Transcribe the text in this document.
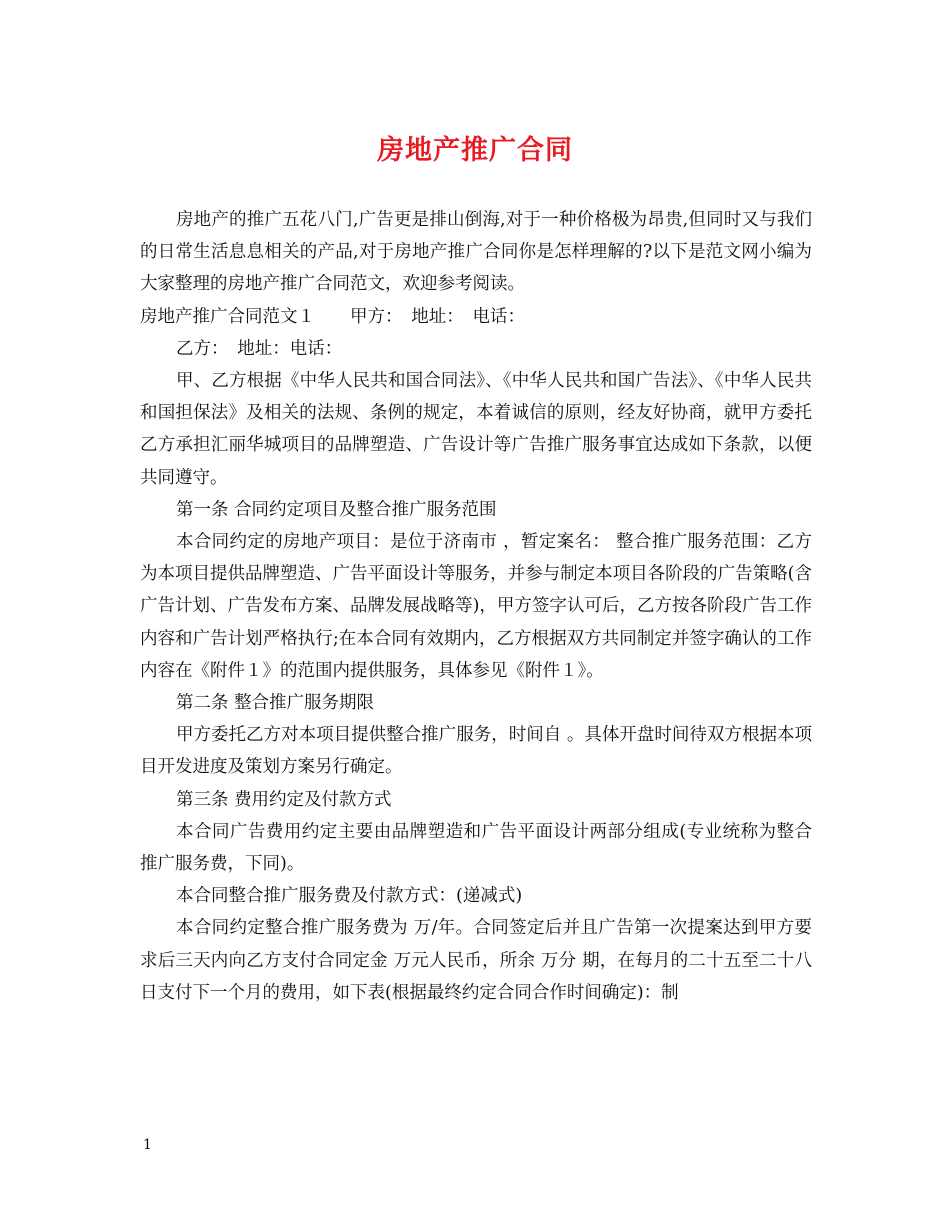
房地产推广合同

房地产的推广五花八门,广告更是排山倒海,对于一种价格极为昂贵,但同时又与我们的日常生活息息相关的产品,对于房地产推广合同你是怎样理解的?以下是范文网小编为大家整理的房地产推广合同范文，欢迎参考阅读。

房地产推广合同范文１　　甲方：　地址：　电话：

乙方：　地址：电话：

甲、乙方根据《中华人民共和国合同法》、《中华人民共和国广告法》、《中华人民共和国担保法》及相关的法规、条例的规定，本着诚信的原则，经友好协商，就甲方委托乙方承担汇丽华城项目的品牌塑造、广告设计等广告推广服务事宜达成如下条款，以便共同遵守。

第一条 合同约定项目及整合推广服务范围

本合同约定的房地产项目：是位于济南市 ，暂定案名： 整合推广服务范围：乙方为本项目提供品牌塑造、广告平面设计等服务，并参与制定本项目各阶段的广告策略(含广告计划、广告发布方案、品牌发展战略等)，甲方签字认可后，乙方按各阶段广告工作内容和广告计划严格执行;在本合同有效期内，乙方根据双方共同制定并签字确认的工作内容在《附件１》的范围内提供服务，具体参见《附件１》。

第二条 整合推广服务期限

甲方委托乙方对本项目提供整合推广服务，时间自 。具体开盘时间待双方根据本项目开发进度及策划方案另行确定。

第三条 费用约定及付款方式

本合同广告费用约定主要由品牌塑造和广告平面设计两部分组成(专业统称为整合推广服务费，下同)。

本合同整合推广服务费及付款方式：(递减式)

本合同约定整合推广服务费为 万/年。合同签定后并且广告第一次提案达到甲方要求后三天内向乙方支付合同定金 万元人民币，所余 万分 期，在每月的二十五至二十八日支付下一个月的费用，如下表(根据最终约定合同合作时间确定)：制

1
